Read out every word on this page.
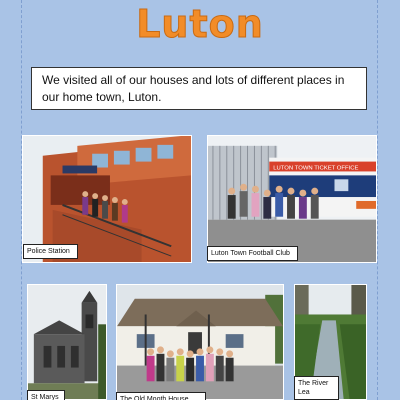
Luton
We visited all of our houses and lots of different places in our home town, Luton.
Police Station
LUTON TOWN TICKET OFFICE
Luton Town Football Club
St Marys	The Old Mooth House
The River Lea
